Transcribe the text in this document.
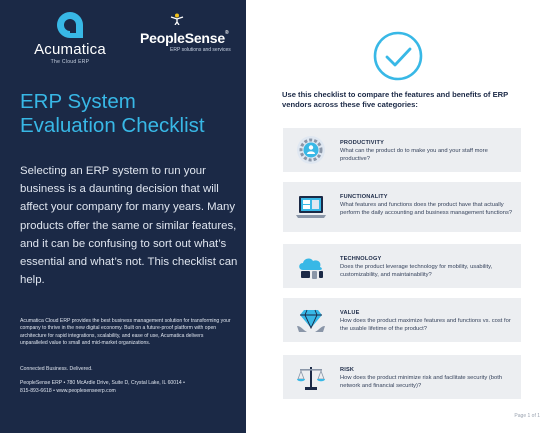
Acumatica
The Cloud ERP
PeopleSense®
ERP solutions and services
ERP System
Evaluation Checklist
Selecting an ERP system to run your business is a daunting decision that will affect your company for many years. Many products offer the same or similar features, and it can be confusing to sort out what’s essential and what’s not. This checklist can help.
Acumatica Cloud ERP provides the best business management solution for transforming your company to thrive in the new digital economy. Built on a future-proof platform with open architecture for rapid integrations, scalability, and ease of use, Acumatica delivers unparalleled value to small and mid-market organizations.
Connected Business. Delivered.
PeopleSense ERP • 780 McArdle Drive, Suite D, Crystal Lake, IL 60014 •
815-893-6618 • www.peoplesenseerp.com
Use this checklist to compare the features and benefits of ERP vendors across these five categories:
PRODUCTIVITY
What can the product do to make you and your staff more productive?
FUNCTIONALITY
What features and functions does the product have that actually perform the daily accounting and business management functions?
TECHNOLOGY
Does the product leverage technology for mobility, usability, customizability, and maintainability?
VALUE
How does the product maximize features and functions vs. cost for the usable lifetime of the product?
RISK
How does the product minimize risk and facilitate security (both network and financial security)?
Page 1 of 1
